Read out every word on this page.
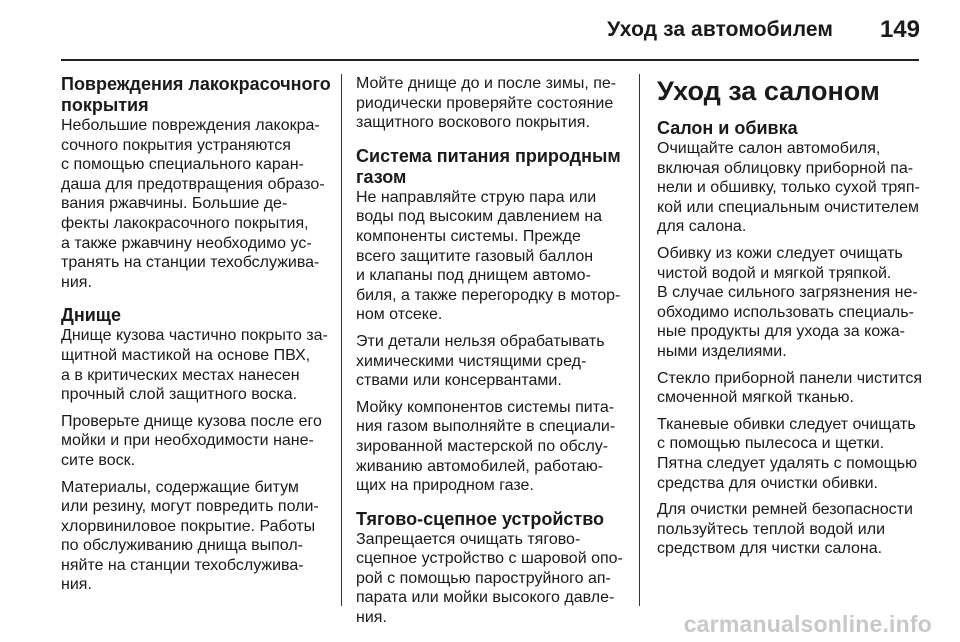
Уход за автомобилем 149
Повреждения лакокрасочного
покрытия

Небольшие повреждения лакокра-
сочного покрытия устраняются
с помощью специального каран-
даша для предотвращения образо-
вания ржавчины. Большие де-
фекты лакокрасочного покрытия,
а также ржавчину необходимо ус-
транять на станции техобслужива-
ния.

Днище

Днище кузова частично покрыто за-
щитной мастикой на основе ПВХ,
а в критических местах нанесен
прочный слой защитного воска.

Проверьте днище кузова после его
мойки и при необходимости нане-
сите воск.

Материалы, содержащие битум
или резину, могут повредить поли-
хлорвиниловое покрытие. Работы
по обслуживанию днища выпол-
няйте на станции техобслужива-
ния.

Мойте днище до и после зимы, пе-
риодически проверяйте состояние
защитного воскового покрытия.

Система питания природным
газом

Не направляйте струю пара или
воды под высоким давлением на
компоненты системы. Прежде
всего защитите газовый баллон
и клапаны под днищем автомо-
биля, а также перегородку в мотор-
ном отсеке.

Эти детали нельзя обрабатывать
химическими чистящими сред-
ствами или консервантами.

Мойку компонентов системы пита-
ния газом выполняйте в специали-
зированной мастерской по обслу-
живанию автомобилей, работаю-
щих на природном газе.

Тягово-сцепное устройство

Запрещается очищать тягово-
сцепное устройство с шаровой опо-
рой с помощью пароструйного ап-
парата или мойки высокого давле-
ния.

Уход за салоном
Салон и обивка

Очищайте салон автомобиля,
включая облицовку приборной па-
нели и обшивку, только сухой тряп-
кой или специальным очистителем
для салона.

Обивку из кожи следует очищать
чистой водой и мягкой тряпкой.
В случае сильного загрязнения не-
обходимо использовать специаль-
ные продукты для ухода за кожа-
ными изделиями.

Стекло приборной панели чистится
смоченной мягкой тканью.

Тканевые обивки следует очищать
с помощью пылесоса и щетки.
Пятна следует удалять с помощью
средства для очистки обивки.

Для очистки ремней безопасности
пользуйтесь теплой водой или
средством для чистки салона.

carmanualsonline.info
